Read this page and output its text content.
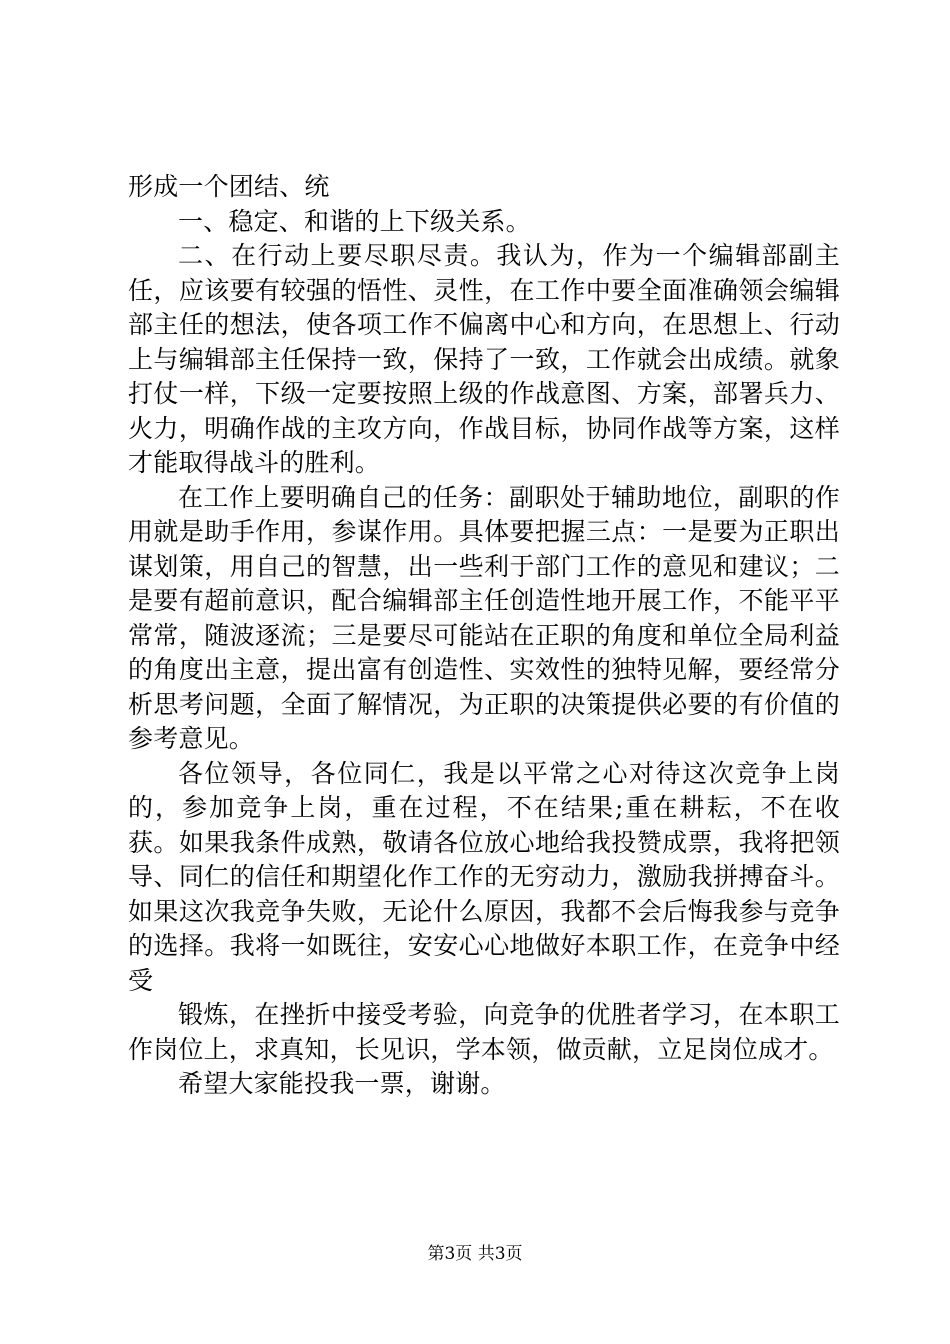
形成一个团结、统

一、稳定、和谐的上下级关系。

二、在行动上要尽职尽责。我认为，作为一个编辑部副主任，应该要有较强的悟性、灵性，在工作中要全面准确领会编辑部主任的想法，使各项工作不偏离中心和方向，在思想上、行动上与编辑部主任保持一致，保持了一致，工作就会出成绩。就象打仗一样，下级一定要按照上级的作战意图、方案，部署兵力、火力，明确作战的主攻方向，作战目标，协同作战等方案，这样才能取得战斗的胜利。

在工作上要明确自己的任务：副职处于辅助地位，副职的作用就是助手作用，参谋作用。具体要把握三点：一是要为正职出谋划策，用自己的智慧，出一些利于部门工作的意见和建议；二是要有超前意识，配合编辑部主任创造性地开展工作，不能平平常常，随波逐流；三是要尽可能站在正职的角度和单位全局利益的角度出主意，提出富有创造性、实效性的独特见解，要经常分析思考问题，全面了解情况，为正职的决策提供必要的有价值的参考意见。

各位领导，各位同仁，我是以平常之心对待这次竞争上岗的，参加竞争上岗，重在过程，不在结果;重在耕耘，不在收获。如果我条件成熟，敬请各位放心地给我投赞成票，我将把领导、同仁的信任和期望化作工作的无穷动力，激励我拼搏奋斗。如果这次我竞争失败，无论什么原因，我都不会后悔我参与竞争的选择。我将一如既往，安安心心地做好本职工作，在竞争中经受

锻炼，在挫折中接受考验，向竞争的优胜者学习，在本职工作岗位上，求真知，长见识，学本领，做贡献，立足岗位成才。

希望大家能投我一票，谢谢。

第3页 共3页
